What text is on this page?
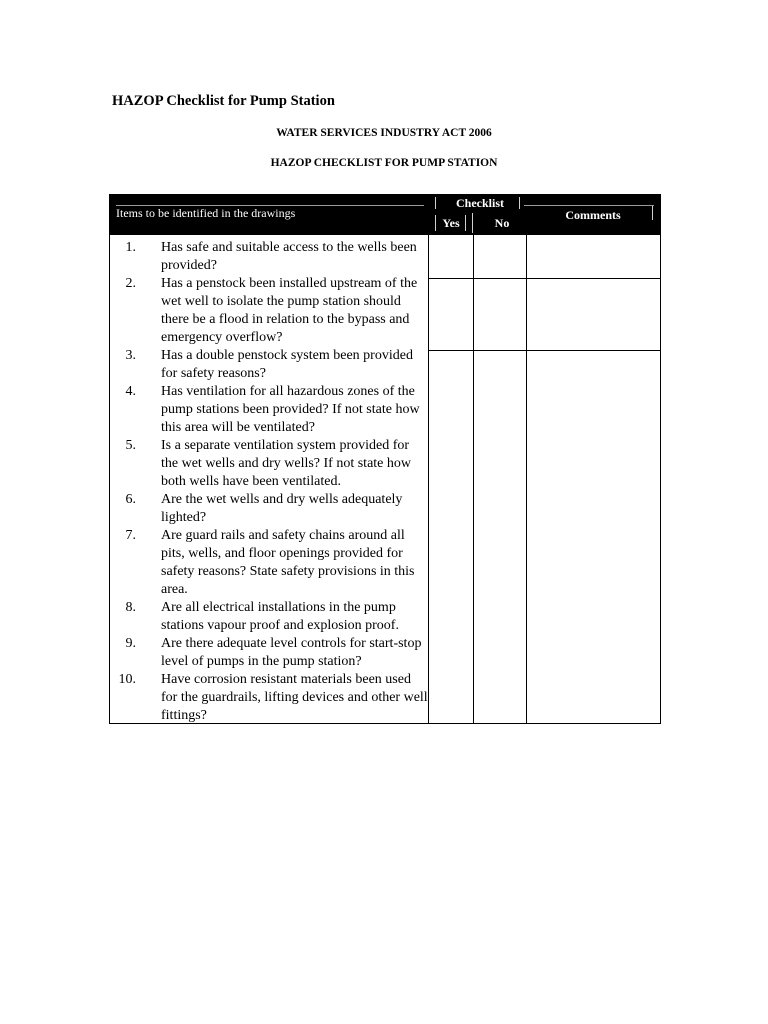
HAZOP Checklist for Pump Station
WATER SERVICES INDUSTRY ACT 2006
HAZOP CHECKLIST FOR PUMP STATION
Items to be identified in the drawings
Checklist
Yes	No
Comments
1. Has safe and suitable access to the wells been provided?
2. Has a penstock been installed upstream of the wet well to isolate the pump station should there be a flood in relation to the bypass and emergency overflow?
3. Has a double penstock system been provided for safety reasons?
4. Has ventilation for all hazardous zones of the pump stations been provided? If not state how this area will be ventilated?
5. Is a separate ventilation system provided for the wet wells and dry wells? If not state how both wells have been ventilated.
6. Are the wet wells and dry wells adequately lighted?
7. Are guard rails and safety chains around all pits, wells, and floor openings provided for safety reasons? State safety provisions in this area.
8. Are all electrical installations in the pump stations vapour proof and explosion proof.
9. Are there adequate level controls for start-stop level of pumps in the pump station?
10. Have corrosion resistant materials been used for the guardrails, lifting devices and other well fittings?
